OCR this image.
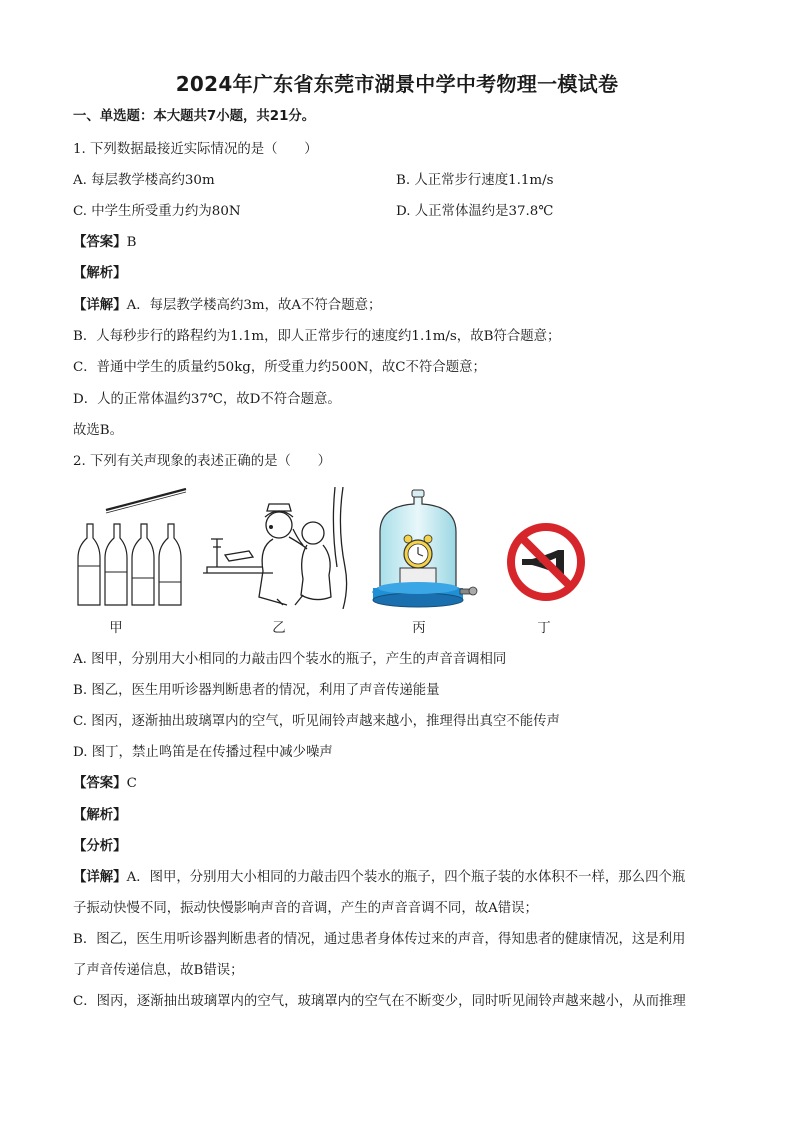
2024年广东省东莞市湖景中学中考物理一模试卷
一、单选题：本大题共7小题，共21分。
1. 下列数据最接近实际情况的是（　　）
A. 每层教学楼高约30m	B. 人正常步行速度1.1m/s
C. 中学生所受重力约为80N	D. 人正常体温约是37.8℃
【答案】B
【解析】
【详解】A．每层教学楼高约3m，故A不符合题意；
B．人每秒步行的路程约为1.1m，即人正常步行的速度约1.1m/s，故B符合题意；
C．普通中学生的质量约50kg，所受重力约500N，故C不符合题意；
D．人的正常体温约37℃，故D不符合题意。
故选B。
2. 下列有关声现象的表述正确的是（　　）
甲	乙	丙	丁
A. 图甲，分别用大小相同的力敲击四个装水的瓶子，产生的声音音调相同
B. 图乙，医生用听诊器判断患者的情况，利用了声音传递能量
C. 图丙，逐渐抽出玻璃罩内的空气，听见闹铃声越来越小，推理得出真空不能传声
D. 图丁，禁止鸣笛是在传播过程中减少噪声
【答案】C
【解析】
【分析】
【详解】A．图甲，分别用大小相同的力敲击四个装水的瓶子，四个瓶子装的水体积不一样，那么四个瓶
子振动快慢不同，振动快慢影响声音的音调，产生的声音音调不同，故A错误；
B．图乙，医生用听诊器判断患者的情况，通过患者身体传过来的声音，得知患者的健康情况，这是利用
了声音传递信息，故B错误；
C．图丙，逐渐抽出玻璃罩内的空气，玻璃罩内的空气在不断变少，同时听见闹铃声越来越小，从而推理
